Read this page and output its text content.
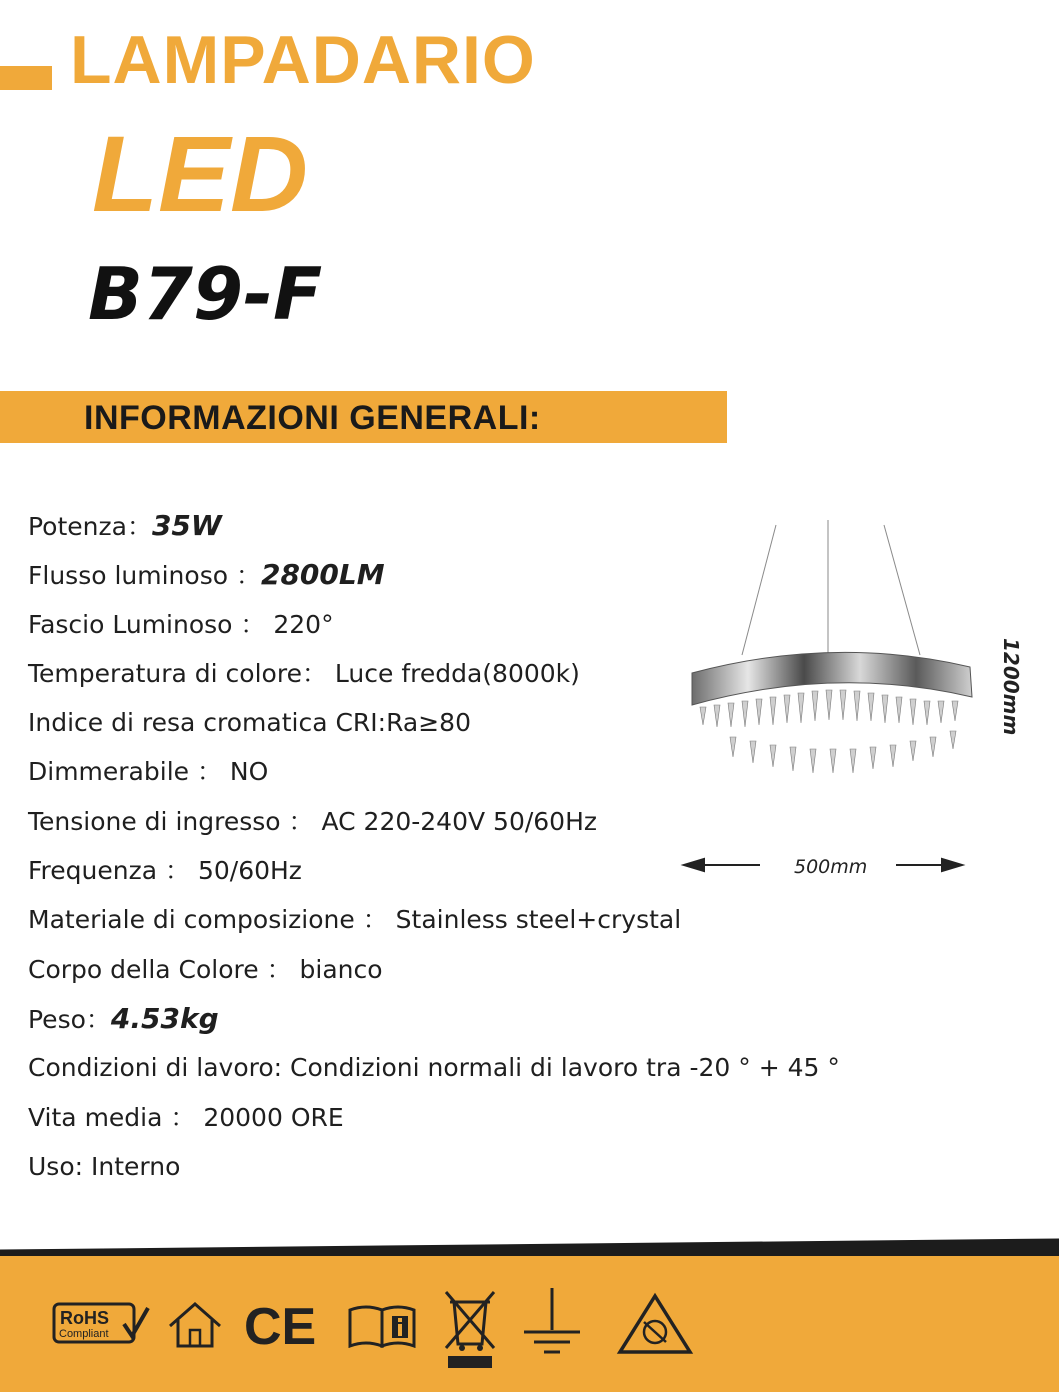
LAMPADARIO
LED
B79-F
INFORMAZIONI GENERALI:
Potenza：35W
Flusso luminoso ：2800LM
Fascio Luminoso ： 220°
Temperatura di colore： Luce fredda(8000k)
Indice di resa cromatica CRI:Ra≥80
Dimmerabile ： NO
Tensione di ingresso ： AC 220-240V 50/60Hz
Frequenza ： 50/60Hz
Materiale di composizione ： Stainless steel+crystal
Corpo della Colore ： bianco
Peso：4.53kg
Condizioni di lavoro: Condizioni normali di lavoro tra -20 ° + 45 °
Vita media ： 20000 ORE
Uso: Interno
500mm
1200mm
RoHS
Compliant	CE
